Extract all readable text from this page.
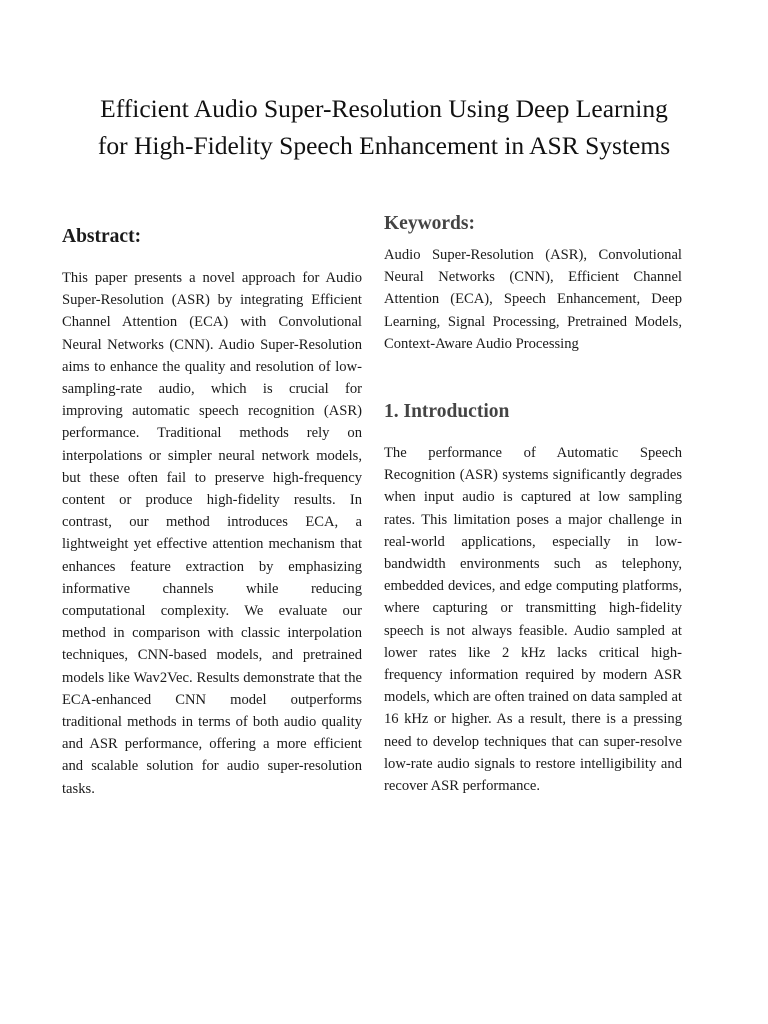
Efficient Audio Super-Resolution Using Deep Learning
for High-Fidelity Speech Enhancement in ASR Systems
Abstract:

This paper presents a novel approach for Audio Super-Resolution (ASR) by integrating Efficient Channel Attention (ECA) with Convolutional Neural Networks (CNN). Audio Super-Resolution aims to enhance the quality and resolution of low-sampling-rate audio, which is crucial for improving automatic speech recognition (ASR) performance. Traditional methods rely on interpolations or simpler neural network models, but these often fail to preserve high-frequency content or produce high-fidelity results. In contrast, our method introduces ECA, a lightweight yet effective attention mechanism that enhances feature extraction by emphasizing informative channels while reducing computational complexity. We evaluate our method in comparison with classic interpolation techniques, CNN-based models, and pretrained models like Wav2Vec. Results demonstrate that the ECA-enhanced CNN model outperforms traditional methods in terms of both audio quality and ASR performance, offering a more efficient and scalable solution for audio super-resolution tasks.

Keywords:

Audio Super-Resolution (ASR), Convolutional Neural Networks (CNN), Efficient Channel Attention (ECA), Speech Enhancement, Deep Learning, Signal Processing, Pretrained Models, Context-Aware Audio Processing

1. Introduction

The performance of Automatic Speech Recognition (ASR) systems significantly degrades when input audio is captured at low sampling rates. This limitation poses a major challenge in real-world applications, especially in low-bandwidth environments such as telephony, embedded devices, and edge computing platforms, where capturing or transmitting high-fidelity speech is not always feasible. Audio sampled at lower rates like 2 kHz lacks critical high-frequency information required by modern ASR models, which are often trained on data sampled at 16 kHz or higher. As a result, there is a pressing need to develop techniques that can super-resolve low-rate audio signals to restore intelligibility and recover ASR performance.
